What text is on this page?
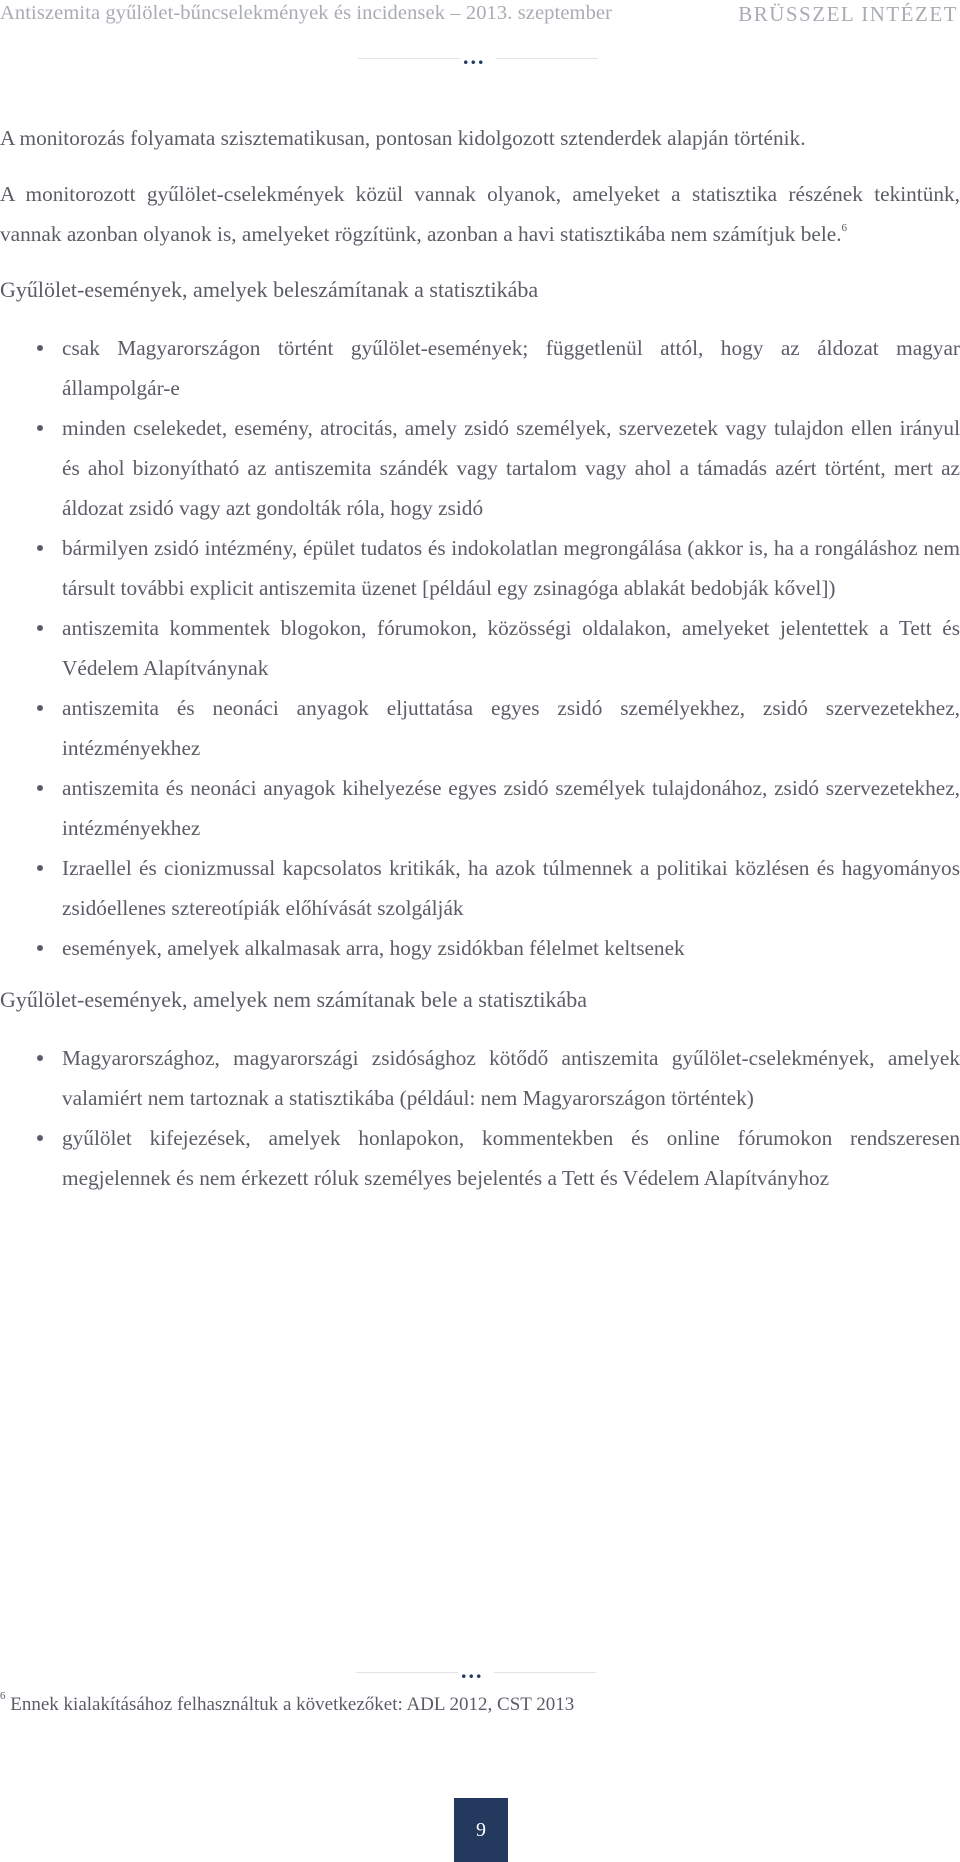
Antiszemita gyűlölet-bűncselekmények és incidensek – 2013. szeptember	BRÜSSZEL INTÉZET
...

A monitorozás folyamata szisztematikusan, pontosan kidolgozott sztenderdek alapján történik.

A monitorozott gyűlölet-cselekmények közül vannak olyanok, amelyeket a statisztika részének tekintünk, vannak azonban olyanok is, amelyeket rögzítünk, azonban a havi statisztikába nem számítjuk bele.$^6$

Gyűlölet-események, amelyek beleszámítanak a statisztikába
csak Magyarországon történt gyűlölet-események; függetlenül attól, hogy az áldozat magyar állampolgár-e
minden cselekedet, esemény, atrocitás, amely zsidó személyek, szervezetek vagy tulajdon ellen irányul és ahol bizonyítható az antiszemita szándék vagy tartalom vagy ahol a támadás azért történt, mert az áldozat zsidó vagy azt gondolták róla, hogy zsidó
bármilyen zsidó intézmény, épület tudatos és indokolatlan megrongálása (akkor is, ha a rongáláshoz nem társult további explicit antiszemita üzenet [például egy zsinagóga ablakát bedobják kővel])
antiszemita kommentek blogokon, fórumokon, közösségi oldalakon, amelyeket jelentettek a Tett és Védelem Alapítványnak
antiszemita és neonáci anyagok eljuttatása egyes zsidó személyekhez, zsidó szervezetekhez, intézményekhez
antiszemita és neonáci anyagok kihelyezése egyes zsidó személyek tulajdonához, zsidó szervezetekhez, intézményekhez
Izraellel és cionizmussal kapcsolatos kritikák, ha azok túlmennek a politikai közlésen és hagyományos zsidóellenes sztereotípiák előhívását szolgálják
események, amelyek alkalmasak arra, hogy zsidókban félelmet keltsenek
Gyűlölet-események, amelyek nem számítanak bele a statisztikába
Magyarországhoz, magyarországi zsidósághoz kötődő antiszemita gyűlölet-cselekmények, amelyek valamiért nem tartoznak a statisztikába (például: nem Magyarországon történtek)
gyűlölet kifejezések, amelyek honlapokon, kommentekben és online fórumokon rendszeresen megjelennek és nem érkezett róluk személyes bejelentés a Tett és Védelem Alapítványhoz
...
$^6$ Ennek kialakításához felhasználtuk a következőket: ADL 2012, CST 2013
9
